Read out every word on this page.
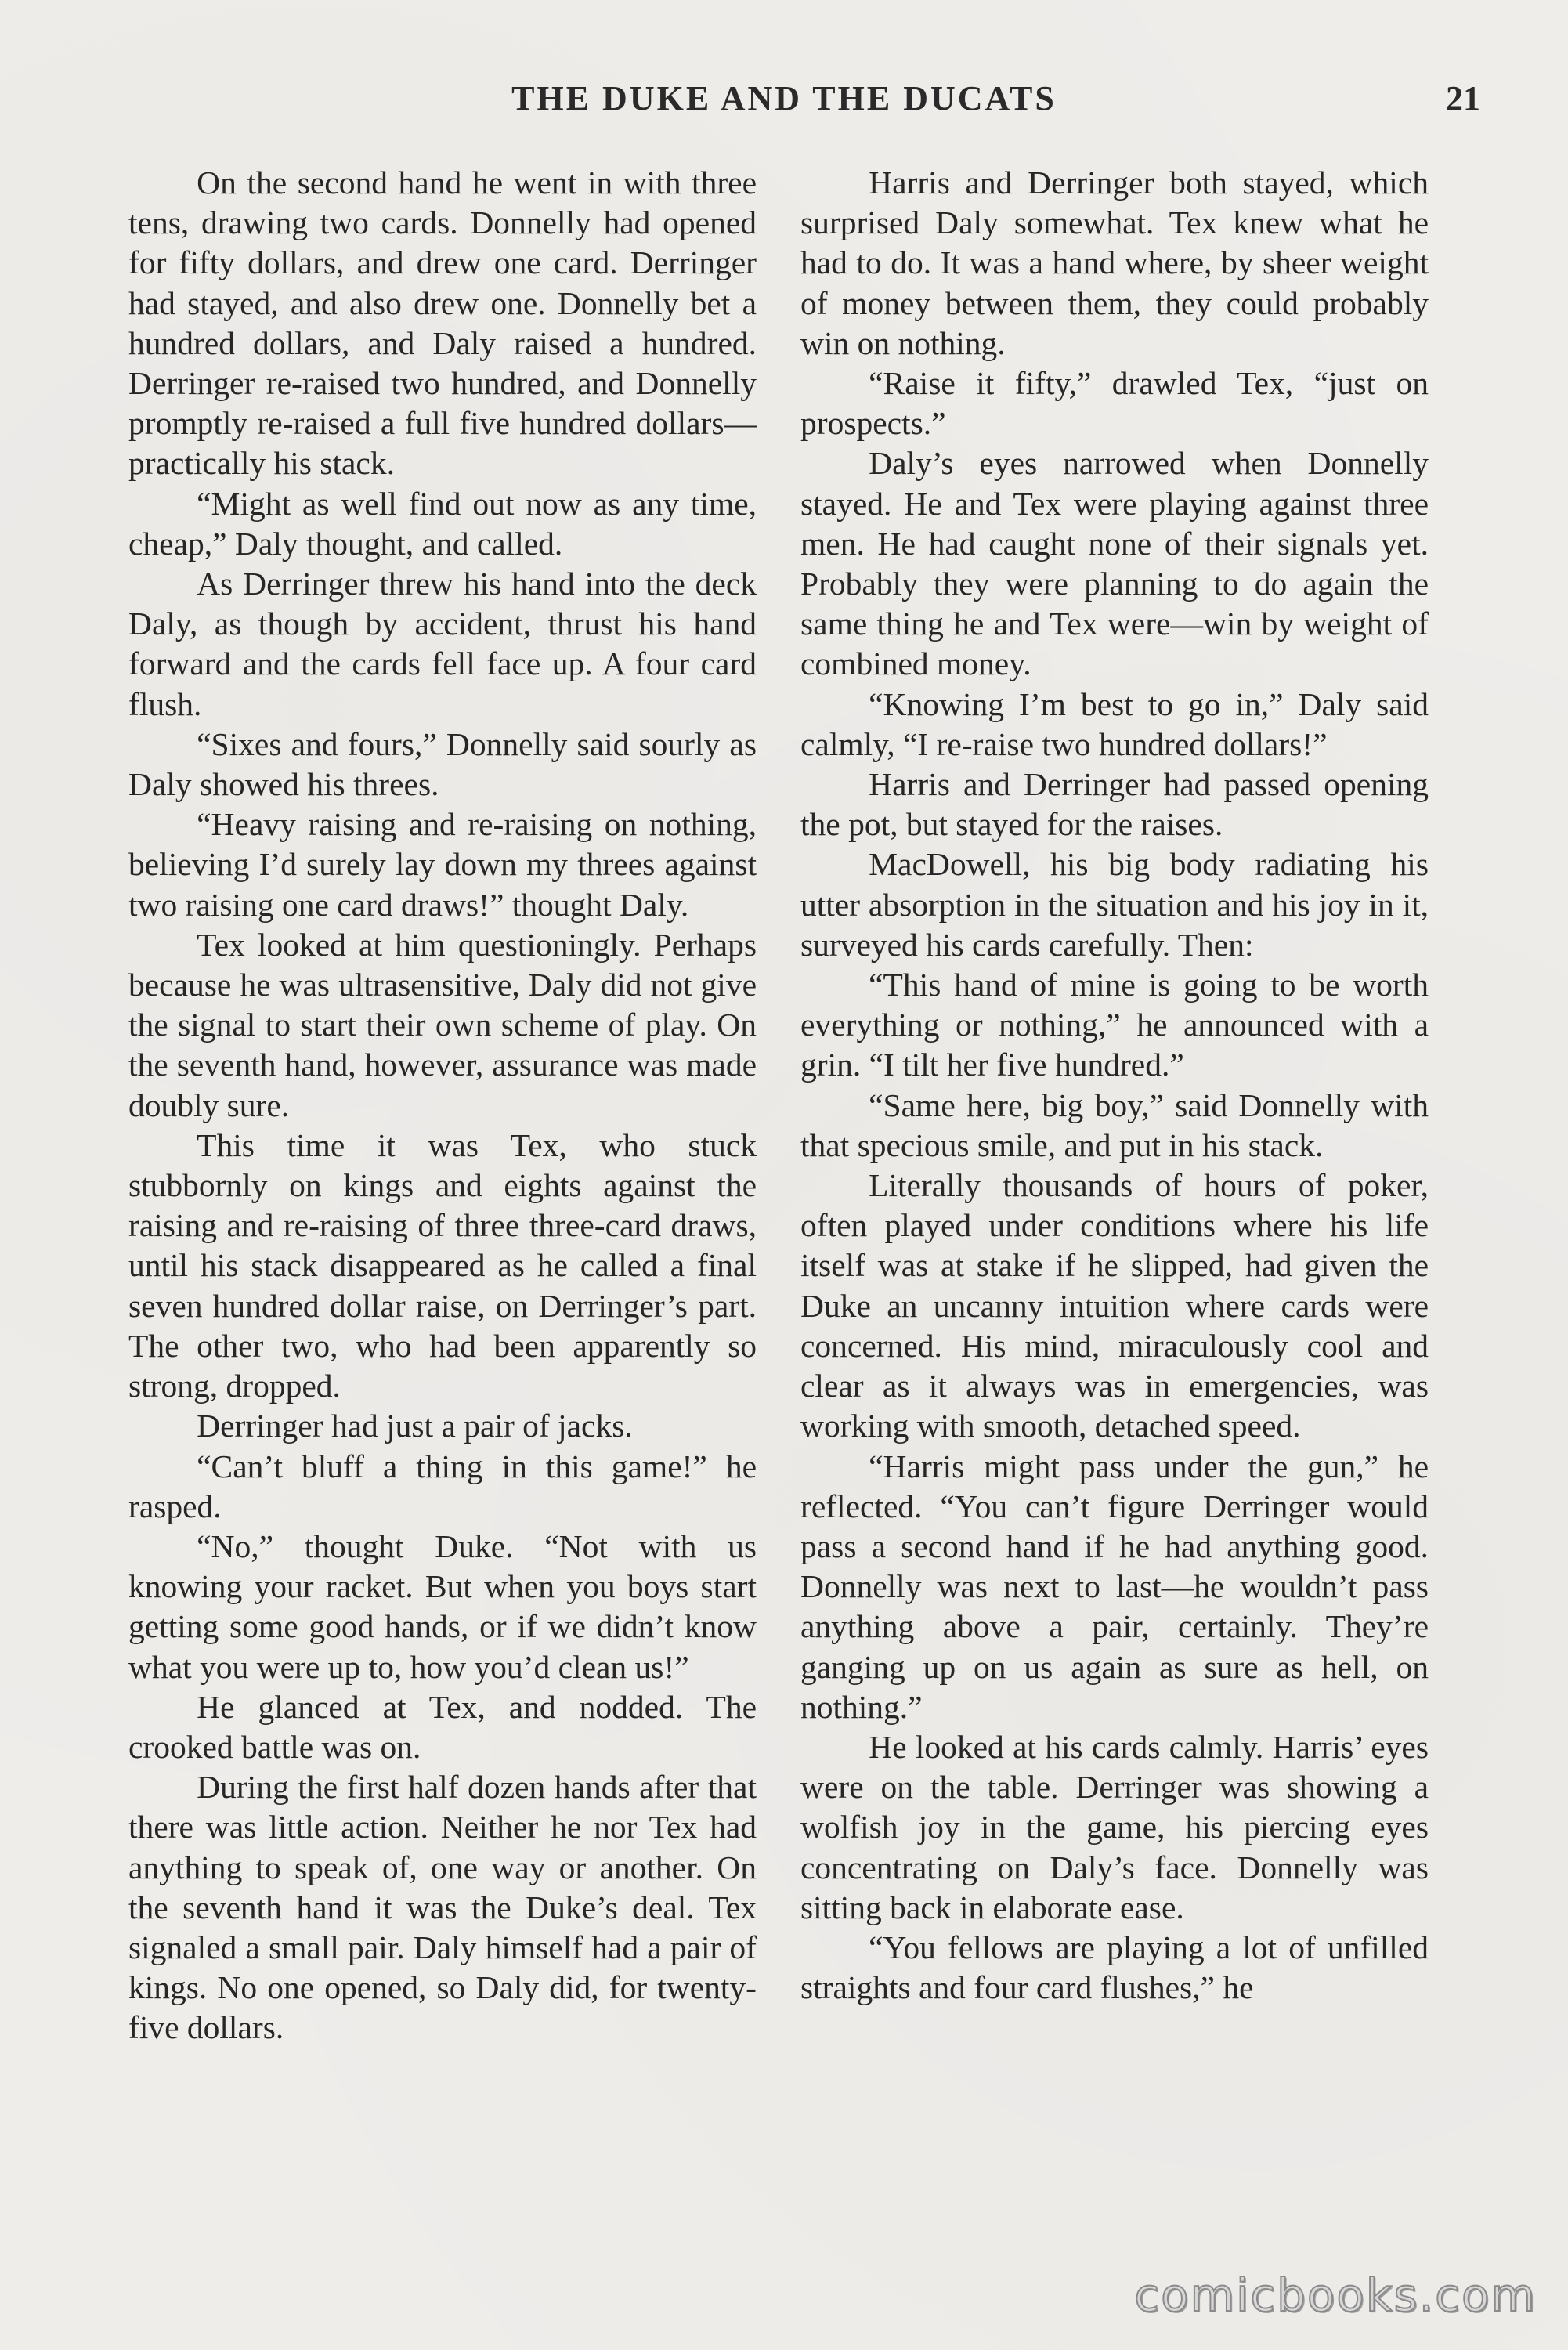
THE DUKE AND THE DUCATS	21

On the second hand he went in with three tens, drawing two cards. Donnelly had opened for fifty dollars, and drew one card. Derringer had stayed, and also drew one. Donnelly bet a hundred dollars, and Daly raised a hundred. Derringer re-raised two hundred, and Donnelly promptly re-raised a full five hundred dollars—practically his stack.

“Might as well find out now as any time, cheap,” Daly thought, and called.

As Derringer threw his hand into the deck Daly, as though by accident, thrust his hand forward and the cards fell face up. A four card flush.

“Sixes and fours,” Donnelly said sourly as Daly showed his threes.

“Heavy raising and re-raising on nothing, believing I’d surely lay down my threes against two raising one card draws!” thought Daly.

Tex looked at him questioningly. Perhaps because he was ultrasensitive, Daly did not give the signal to start their own scheme of play. On the seventh hand, however, assurance was made doubly sure.

This time it was Tex, who stuck stubbornly on kings and eights against the raising and re-raising of three three-card draws, until his stack disappeared as he called a final seven hundred dollar raise, on Derringer’s part. The other two, who had been apparently so strong, dropped.

Derringer had just a pair of jacks.

“Can’t bluff a thing in this game!” he rasped.

“No,” thought Duke. “Not with us knowing your racket. But when you boys start getting some good hands, or if we didn’t know what you were up to, how you’d clean us!”

He glanced at Tex, and nodded. The crooked battle was on.

During the first half dozen hands after that there was little action. Neither he nor Tex had anything to speak of, one way or another. On the seventh hand it was the Duke’s deal. Tex signaled a small pair. Daly himself had a pair of kings. No one opened, so Daly did, for twenty-five dollars.

Harris and Derringer both stayed, which surprised Daly somewhat. Tex knew what he had to do. It was a hand where, by sheer weight of money between them, they could probably win on nothing.

“Raise it fifty,” drawled Tex, “just on prospects.”

Daly’s eyes narrowed when Donnelly stayed. He and Tex were playing against three men. He had caught none of their signals yet. Probably they were planning to do again the same thing he and Tex were—win by weight of combined money.

“Knowing I’m best to go in,” Daly said calmly, “I re-raise two hundred dollars!”

Harris and Derringer had passed opening the pot, but stayed for the raises.

MacDowell, his big body radiating his utter absorption in the situation and his joy in it, surveyed his cards carefully. Then:

“This hand of mine is going to be worth everything or nothing,” he announced with a grin. “I tilt her five hundred.”

“Same here, big boy,” said Donnelly with that specious smile, and put in his stack.

Literally thousands of hours of poker, often played under conditions where his life itself was at stake if he slipped, had given the Duke an uncanny intuition where cards were concerned. His mind, miraculously cool and clear as it always was in emergencies, was working with smooth, detached speed.

“Harris might pass under the gun,” he reflected. “You can’t figure Derringer would pass a second hand if he had anything good. Donnelly was next to last—he wouldn’t pass anything above a pair, certainly. They’re ganging up on us again as sure as hell, on nothing.”

He looked at his cards calmly. Harris’ eyes were on the table. Derringer was showing a wolfish joy in the game, his piercing eyes concentrating on Daly’s face. Donnelly was sitting back in elaborate ease.

“You fellows are playing a lot of unfilled straights and four card flushes,” he

comicbooks.com
